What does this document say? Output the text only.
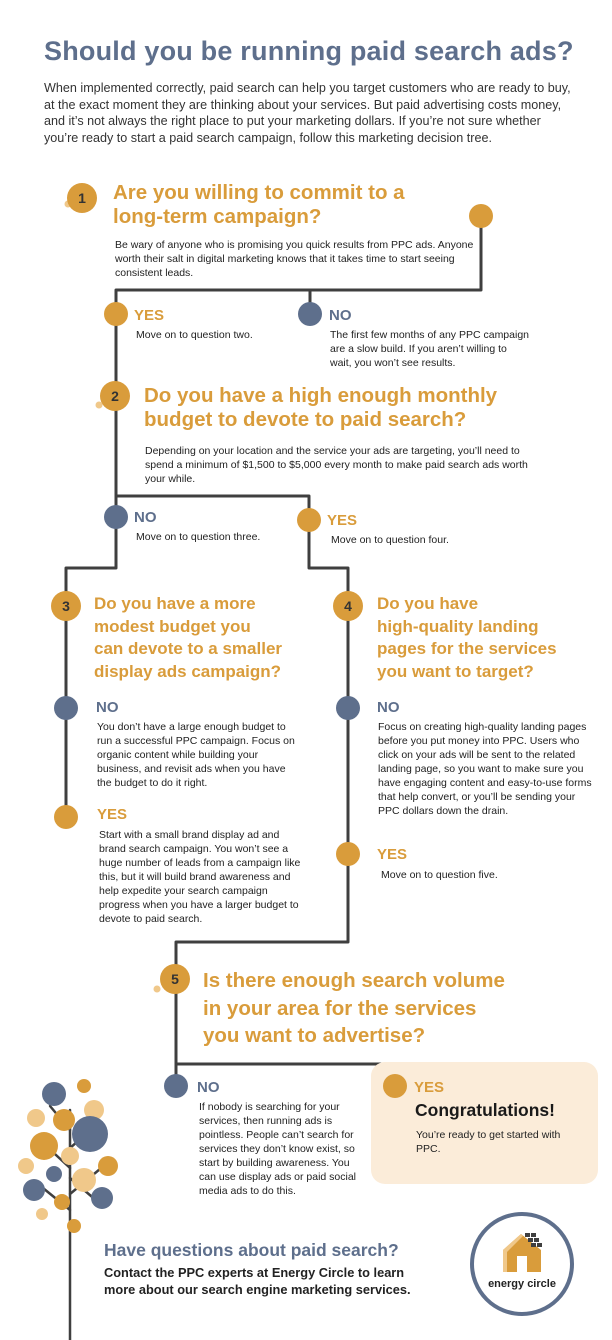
Should you be running paid search ads?
When implemented correctly, paid search can help you target customers who are ready to buy, at the exact moment they are thinking about your services. But paid advertising costs money, and it’s not always the right place to put your marketing dollars. If you’re not sure whether you’re ready to start a paid search campaign, follow this marketing decision tree.
1 Are you willing to commit to a
long-term campaign?
Be wary of anyone who is promising you quick results from PPC ads. Anyone worth their salt in digital marketing knows that it takes time to start seeing consistent leads.
YES
Move on to question two.
NO
The first few months of any PPC campaign are a slow build. If you aren’t willing to wait, you won’t see results.
2 Do you have a high enough monthly
budget to devote to paid search?
Depending on your location and the service your ads are targeting, you’ll need to spend a minimum of $1,500 to $5,000 every month to make paid search ads worth your while.
NO
Move on to question three.
YES
Move on to question four.
3 Do you have a more
modest budget you
can devote to a smaller
display ads campaign?
NO
You don’t have a large enough budget to run a successful PPC campaign. Focus on organic content while building your business, and revisit ads when you have the budget to do it right.
YES
Start with a small brand display ad and brand search campaign. You won’t see a huge number of leads from a campaign like this, but it will build brand awareness and help expedite your search campaign progress when you have a larger budget to devote to paid search.
4 Do you have
high-quality landing
pages for the services
you want to target?
NO
Focus on creating high-quality landing pages before you put money into PPC. Users who click on your ads will be sent to the related landing page, so you want to make sure you have engaging content and easy-to-use forms that help convert, or you’ll be sending your PPC dollars down the drain.
YES
Move on to question five.
5 Is there enough search volume
in your area for the services
you want to advertise?
NO
If nobody is searching for your services, then running ads is pointless. People can’t search for services they don’t know exist, so start by building awareness. You can use display ads or paid social media ads to do this.
YES
Congratulations!
You’re ready to get started with PPC.
Have questions about paid search?
Contact the PPC experts at Energy Circle to learn more about our search engine marketing services.	energy circle
